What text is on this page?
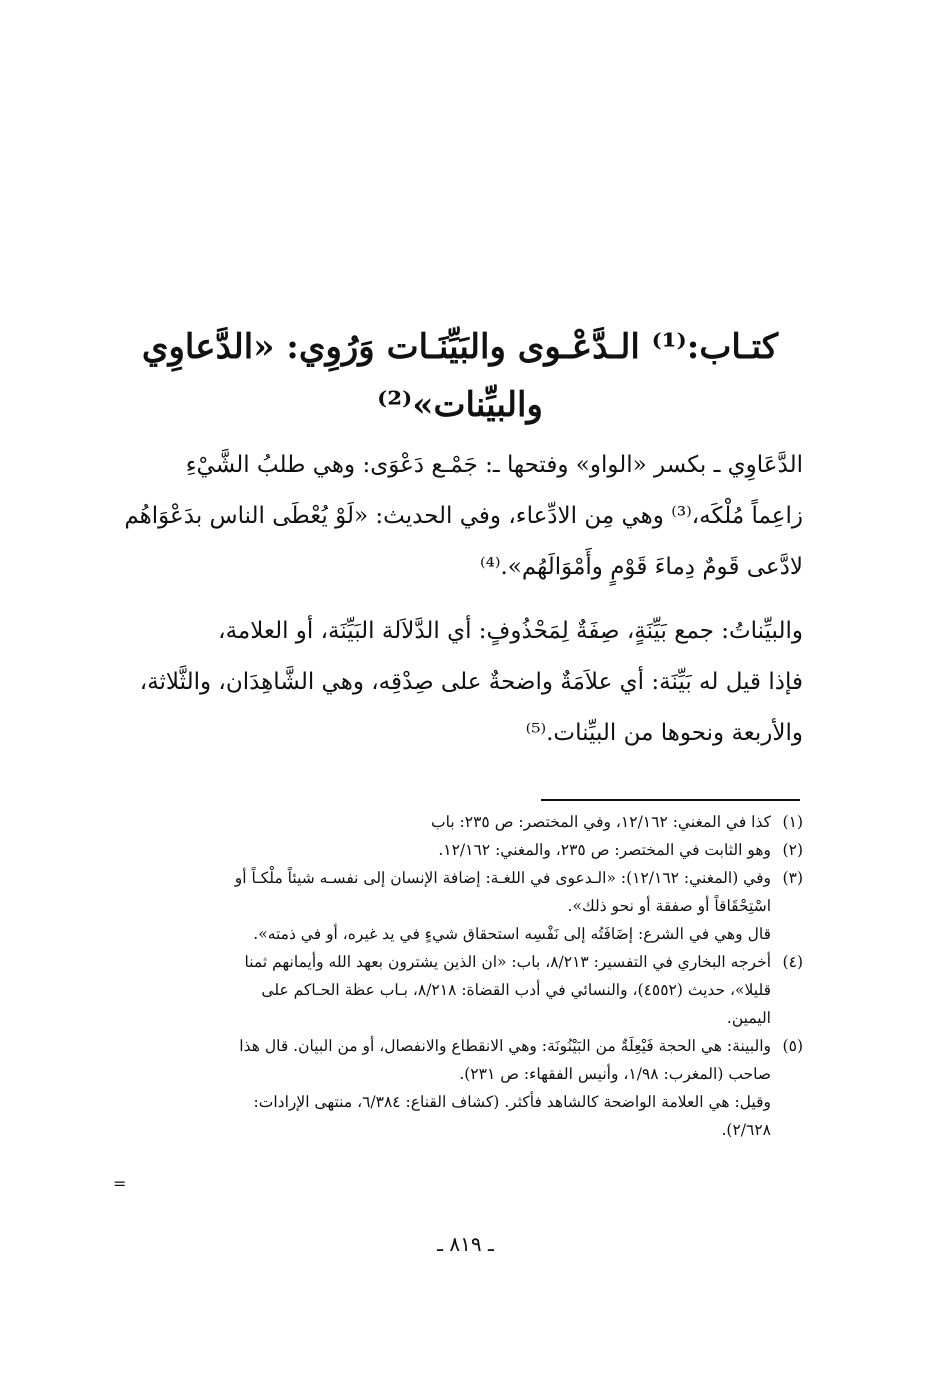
كتـاب:⁽¹⁾ الـدَّعْـوى والبَيِّنَـات وَرُوِي: «الدَّعاوِي
والبيِّنات»⁽²⁾
الدَّعَاوِي ـ بكسر «الواو» وفتحها ـ: جَمْـع دَعْوَى: وهي طلبُ الشَّيْءِ
زاعِماً مُلْكَه،⁽³⁾ وهي مِن الادِّعاء، وفي الحديث: «لَوْ يُعْطَى الناس بدَعْوَاهُم
لادَّعى قَومٌ دِماءَ قَوْمٍ وأَمْوَالَهُم».⁽⁴⁾
والبيِّناتُ: جمع بَيِّنَةٍ، صِفَةٌ لِمَحْذُوفٍ: أي الدَّلاَلة البَيِّنَة، أو العلامة،
فإذا قيل له بَيِّنَة: أي علاَمَةٌ واضحةٌ على صِدْقِه، وهي الشَّاهِدَان، والثَّلاثة،
والأربعة ونحوها من البيِّنات.⁽⁵⁾
(١)
كذا في المغني: ١٢/١٦٢، وفي المختصر: ص ٢٣٥: باب
(٢)
وهو الثابت في المختصر: ص ٢٣٥، والمغني: ١٢/١٦٢.
(٣)
وفي (المغني: ١٢/١٦٢): «الـدعوى في اللغـة: إضافة الإنسان إلى نفسـه شيئاً ملْكـاً أو
اسْتِحْقَاقاً أو صفقة أو نحو ذلك».
قال وهي في الشرع: إضَافَتُه إلى نَفْسِه استحقاق شيءٍ في يد غيره، أو في ذمته».
(٤)
أخرجه البخاري في التفسير: ٨/٢١٣، باب: «ان الذين يشترون بعهد الله وأيمانهم ثمنا
قليلا»، حديث (٤٥٥٢)، والنسائي في أدب القضاة: ٨/٢١٨، بـاب عظة الحـاكم على
اليمين.
(٥)
والبينة: هي الحجة فَيْعِلَةٌ من البَيْنُونَة: وهي الانقطاع والانفصال، أو من البيان. قال هذا
صاحب (المغرب: ١/٩٨، وأنيس الفقهاء: ص ٢٣١).
وقيل: هي العلامة الواضحة كالشاهد فأكثر. (كشاف القناع: ٦/٣٨٤، منتهى الإرادات:
٢/٦٢٨).
=
ـ ٨١٩ ـ
